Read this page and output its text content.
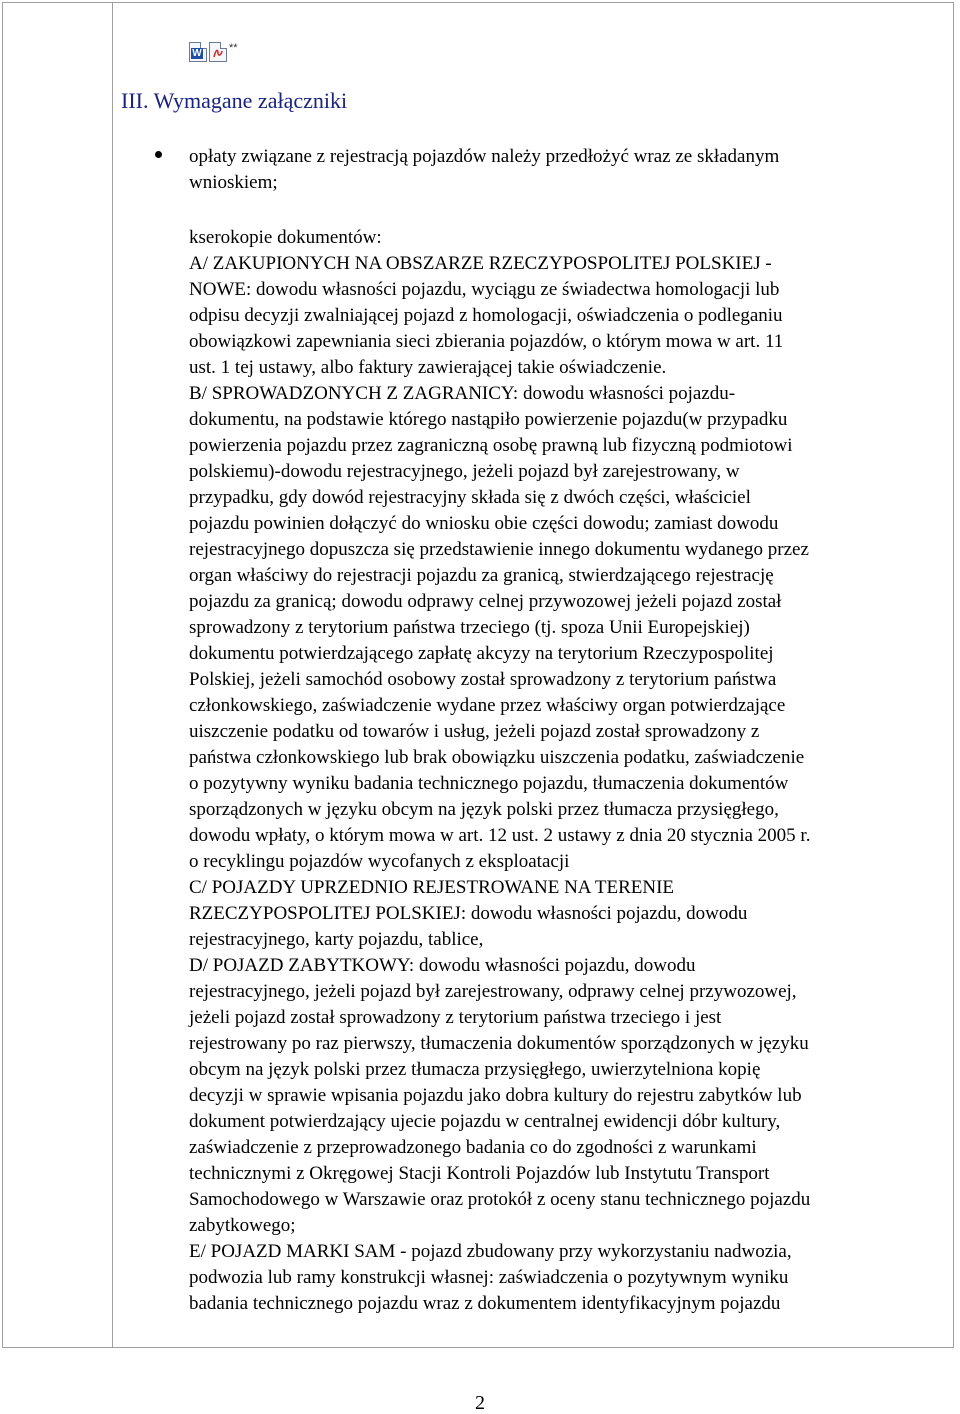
W **
III. Wymagane załączniki

opłaty związane z rejestracją pojazdów należy przedłożyć wraz ze składanym
wnioskiem;

kserokopie dokumentów:
A/ ZAKUPIONYCH NA OBSZARZE RZECZYPOSPOLITEJ POLSKIEJ -
NOWE: dowodu własności pojazdu, wyciągu ze świadectwa homologacji lub
odpisu decyzji zwalniającej pojazd z homologacji, oświadczenia o podleganiu
obowiązkowi zapewniania sieci zbierania pojazdów, o którym mowa w art. 11
ust. 1 tej ustawy, albo faktury zawierającej takie oświadczenie.
B/ SPROWADZONYCH Z ZAGRANICY: dowodu własności pojazdu-
dokumentu, na podstawie którego nastąpiło powierzenie pojazdu(w przypadku
powierzenia pojazdu przez zagraniczną osobę prawną lub fizyczną podmiotowi
polskiemu)-dowodu rejestracyjnego, jeżeli pojazd był zarejestrowany, w
przypadku, gdy dowód rejestracyjny składa się z dwóch części, właściciel
pojazdu powinien dołączyć do wniosku obie części dowodu; zamiast dowodu
rejestracyjnego dopuszcza się przedstawienie innego dokumentu wydanego przez
organ właściwy do rejestracji pojazdu za granicą, stwierdzającego rejestrację
pojazdu za granicą; dowodu odprawy celnej przywozowej jeżeli pojazd został
sprowadzony z terytorium państwa trzeciego (tj. spoza Unii Europejskiej)
dokumentu potwierdzającego zapłatę akcyzy na terytorium Rzeczypospolitej
Polskiej, jeżeli samochód osobowy został sprowadzony z terytorium państwa
członkowskiego, zaświadczenie wydane przez właściwy organ potwierdzające
uiszczenie podatku od towarów i usług, jeżeli pojazd został sprowadzony z
państwa członkowskiego lub brak obowiązku uiszczenia podatku, zaświadczenie
o pozytywny wyniku badania technicznego pojazdu, tłumaczenia dokumentów
sporządzonych w języku obcym na język polski przez tłumacza przysięgłego,
dowodu wpłaty, o którym mowa w art. 12 ust. 2 ustawy z dnia 20 stycznia 2005 r.
o recyklingu pojazdów wycofanych z eksploatacji
C/ POJAZDY UPRZEDNIO REJESTROWANE NA TERENIE
RZECZYPOSPOLITEJ POLSKIEJ: dowodu własności pojazdu, dowodu
rejestracyjnego, karty pojazdu, tablice,
D/ POJAZD ZABYTKOWY: dowodu własności pojazdu, dowodu
rejestracyjnego, jeżeli pojazd był zarejestrowany, odprawy celnej przywozowej,
jeżeli pojazd został sprowadzony z terytorium państwa trzeciego i jest
rejestrowany po raz pierwszy, tłumaczenia dokumentów sporządzonych w języku
obcym na język polski przez tłumacza przysięgłego, uwierzytelniona kopię
decyzji w sprawie wpisania pojazdu jako dobra kultury do rejestru zabytków lub
dokument potwierdzający ujecie pojazdu w centralnej ewidencji dóbr kultury,
zaświadczenie z przeprowadzonego badania co do zgodności z warunkami
technicznymi z Okręgowej Stacji Kontroli Pojazdów lub Instytutu Transport
Samochodowego w Warszawie oraz protokół z oceny stanu technicznego pojazdu
zabytkowego;
E/ POJAZD MARKI SAM - pojazd zbudowany przy wykorzystaniu nadwozia,
podwozia lub ramy konstrukcji własnej: zaświadczenia o pozytywnym wyniku
badania technicznego pojazdu wraz z dokumentem identyfikacyjnym pojazdu

2
